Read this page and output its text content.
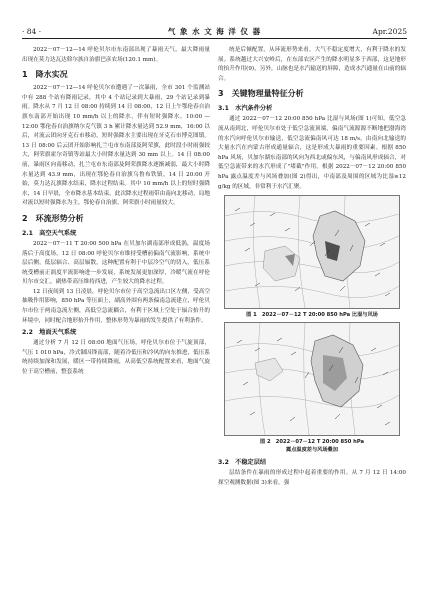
· 84 ·	气 象 水 文 海 洋 仪 器	Apr.2025

2022－07－12—14 呼伦贝尔市东南部出现了暴雨天气，最大降雨量出现在莫力达瓦达斡尔族自治旗巴彦农场(120.1 mm)。

1　降水实况

2022－07－12—14 呼伦贝尔市遭遇了一次暴雨，全市 301 个监测站中有 288 个站有降雨记录，其中 4 个站记录到大暴雨，29 个站记录到暴雨。降水从 7 月 12 日 08:00 持续到 14 日 08:00，12 日上午鄂伦春自治旗东南部开始出现 10 mm/h 以上的降水，伴有短时强降水。10:00 — 12:00 鄂伦春自治旗纳尔克气镇 3 h 累计降水量达到 52.9 mm，16:00 以后，对流云团向牙克石市移动，短时强降水主要出现在牙克石市博克图镇。13 日 08:00 后云团开始影响扎兰屯市东南部及阿荣旗，此时段小时雨强较大，阿荣旗霍尔奇镇等站最大小时降水量达到 30 mm 以上。14 日 08:00 前，暴雨区向南移动，扎兰屯市东南部及阿荣旗降水逐渐减弱，最大小时降水量达到 43.9 mm，出现在鄂伦春自治旗乌鲁布铁镇。14 日 20:00 开始，莫力达瓦旗降水结束，降水过程结束。其中 10 mm/h 以上的短时强降水，14 日早晨，全市降水基本结束。此次降水过程雨带由南向北移动，局地对流以短时强降水为主，鄂伦春自治旗、阿荣旗小时雨量较大。

2　环流形势分析
2.1　高空天气系统

2022－07－11 T 20:00 500 hPa 在贝加尔湖南部形成低涡，温度场落后于高度场，12 日 08:00 呼伦贝尔市维持受槽前偏南气流影响，系统中层后侧，低层辐合、高层辐散，这种配置有利于中层冷空气的切入，低压系统受槽前正涡度平流影响进一步发展，系统发展更加深厚，冷暖气流在呼伦贝尔市交汇，副热带高压维持西进，产生较大的降水过程。

12 日夜间到 13 日凌晨，呼伦贝尔市位于高空急流出口区左侧，受高空抽吸作用影响，850 hPa 等压面上，副高外围有两条偏南急流建立，呼伦贝尔市位于两南急流左侧，高低空急流耦合，有利于区域上空处于辐合抬升的环境中，同时配合地形抬升作用，整体形势为暴雨的发生提供了有利条件。

2.2　地面天气系统

通过分析 7 月 12 日 08:00 地面气压场，呼伦贝尔市位于气旋顶部，气压 1 010 hPa，冷式锢囚锋南部，随着冷低压和冷风的向东推进，低压系统持续加深和发展，暖区一带持续降雨，从高低空系统配置来看，地面气旋位于高空槽前，整套系统

统是后倾配置，从环流形势来看，大气不稳定度增大，有利于降水的发展。系统越过大兴安岭后，在东部农区产生的降水明显多于西部，这是地形的抬升作用(9)，另外，山脉也是水汽输送的屏障，造成水汽通量在山前的辐合。

3　关键物理量特征分析
3.1　水汽条件分析

通过 2022－07－12 20:00 850 hPa 比湿与风场(图 1)可知，低空急流从南到北，呼伦贝尔市处于低空急流顶端，偏南气流源源不断地把渤海湾的水汽向呼伦贝尔市输送，低空急流偏南风可达 18 m/s，由南向北输送的大量水汽在内蒙古形成通量辐合，这是形成大暴雨的重要因素。根据 850 hPa 风场，贝加尔湖东南部的风向为西北或偏东风，与偏南风形成辐合，对低空急流带来的水汽形成了"堵截"作用。根据 2022－07－12 20:00 850 hPa 露点温度差与风场叠加(图 2)得出，中南部及周围的区域为比湿≥12 g/kg 的区域，非常利于水汽汇聚。

图 1　2022－07－12 T 20:00 850 hPa 比湿与风场
图 2　2022－07－12 T 20:00 850 hPa
露点温度差与风场叠加
3.2　不稳定层结

层结条件在暴雨的形成过程中起着重要的作用。从 7 月 12 日 14:00 探空观测数据(图 3)来看，强
